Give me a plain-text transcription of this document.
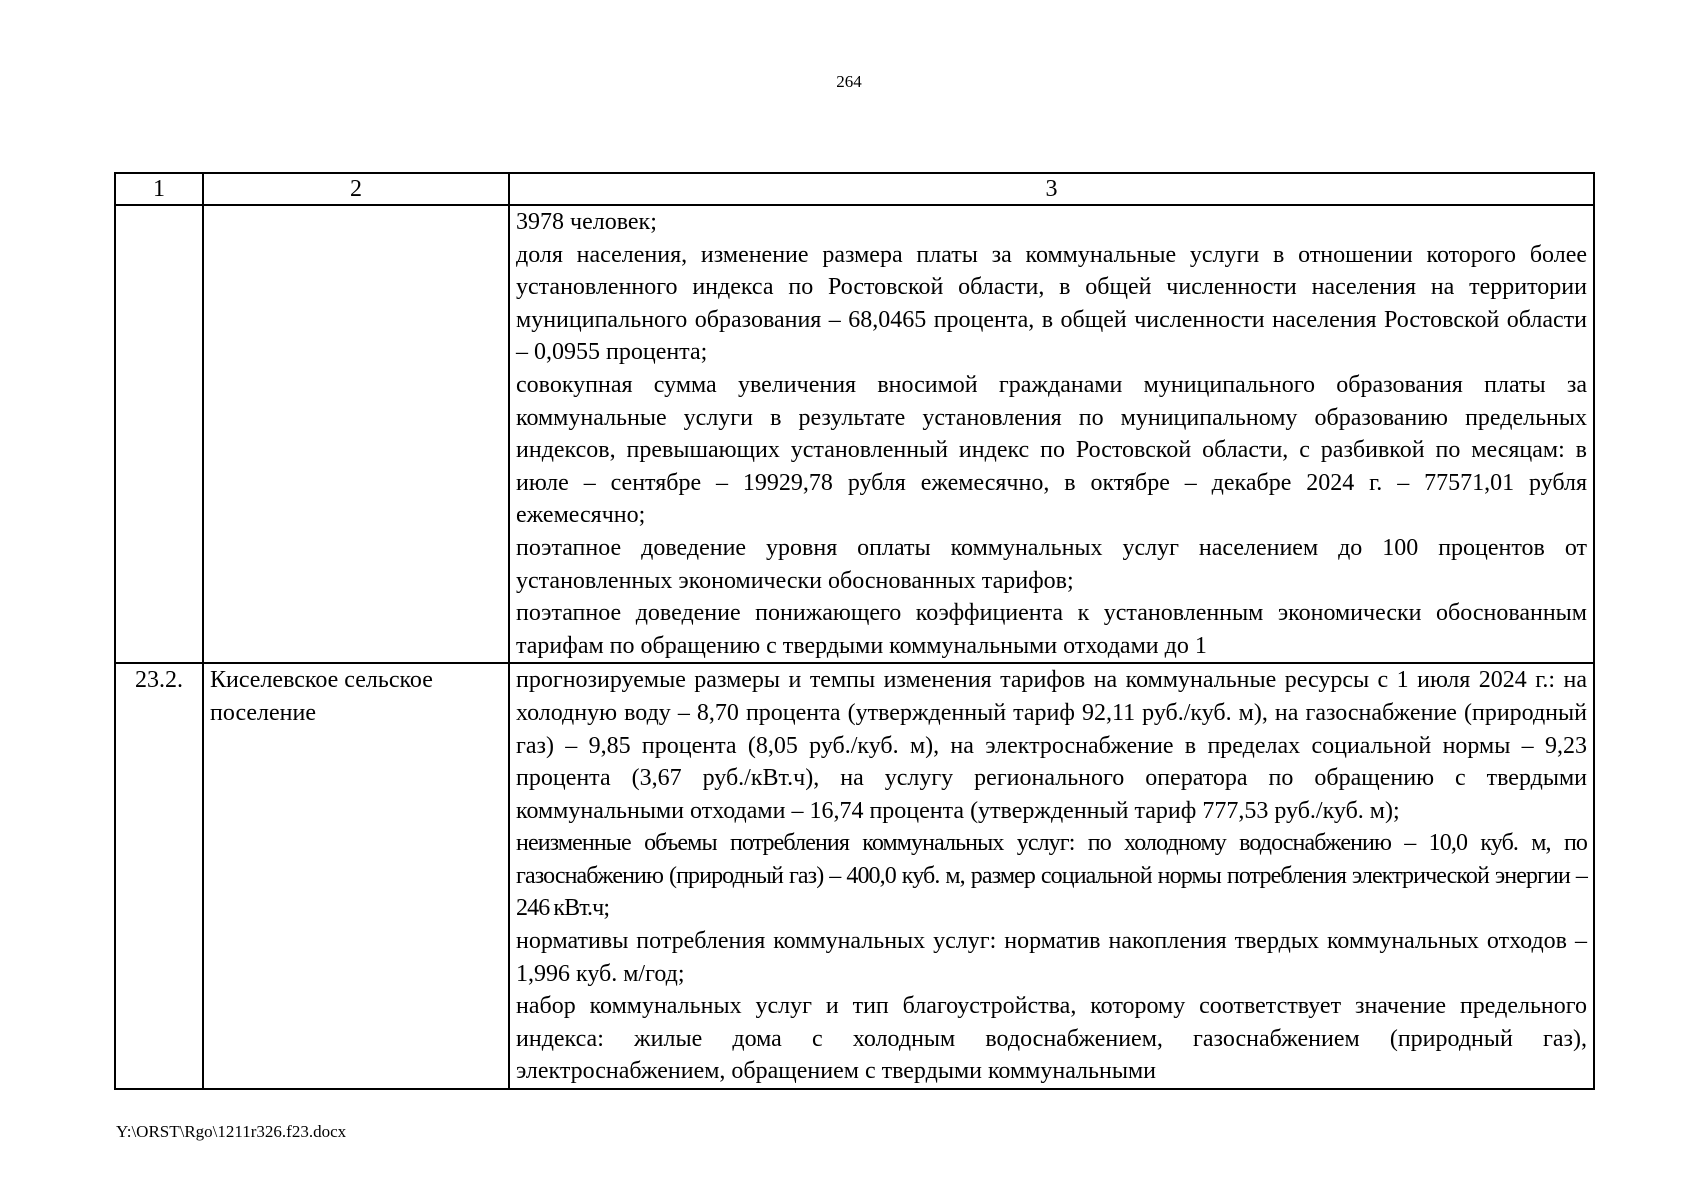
264
1	2	3

		3978 человек;

доля населения, изменение размера платы за коммунальные услуги в отношении которого более установленного индекса по Ростовской области, в общей численности населения на территории муниципального образования – 68,0465 процента, в общей численности населения Ростовской области – 0,0955 процента;

совокупная сумма увеличения вносимой гражданами муниципального образования платы за коммунальные услуги в результате установления по муниципальному образованию предельных индексов, превышающих установленный индекс по Ростовской области, с разбивкой по месяцам: в июле – сентябре – 19929,78 рубля ежемесячно, в октябре – декабре 2024 г. – 77571,01 рубля ежемесячно;

поэтапное доведение уровня оплаты коммунальных услуг населением до 100 процентов от установленных экономически обоснованных тарифов;

поэтапное доведение понижающего коэффициента к установленным экономически обоснованным тарифам по обращению с твердыми коммунальными отходами до 1

23.2.	Киселевское сельское поселение	прогнозируемые размеры и темпы изменения тарифов на коммунальные ресурсы с 1 июля 2024 г.: на холодную воду – 8,70 процента (утвержденный тариф 92,11 руб./куб. м), на газоснабжение (природный газ) – 9,85 процента (8,05 руб./куб. м), на электроснабжение в пределах социальной нормы – 9,23 процента (3,67 руб./кВт.ч), на услугу регионального оператора по обращению с твердыми коммунальными отходами – 16,74 процента (утвержденный тариф 777,53 руб./куб. м);

неизменные объемы потребления коммунальных услуг: по холодному водоснабжению – 10,0 куб. м, по газоснабжению (природный газ) – 400,0 куб. м, размер социальной нормы потребления электрической энергии – 246 кВт.ч;

нормативы потребления коммунальных услуг: норматив накопления твердых коммунальных отходов – 1,996 куб. м/год;

набор коммунальных услуг и тип благоустройства, которому соответствует значение предельного индекса: жилые дома с холодным водоснабжением, газоснабжением (природный газ), электроснабжением, обращением с твердыми коммунальными

Y:\ORST\Rgo\1211r326.f23.docx
